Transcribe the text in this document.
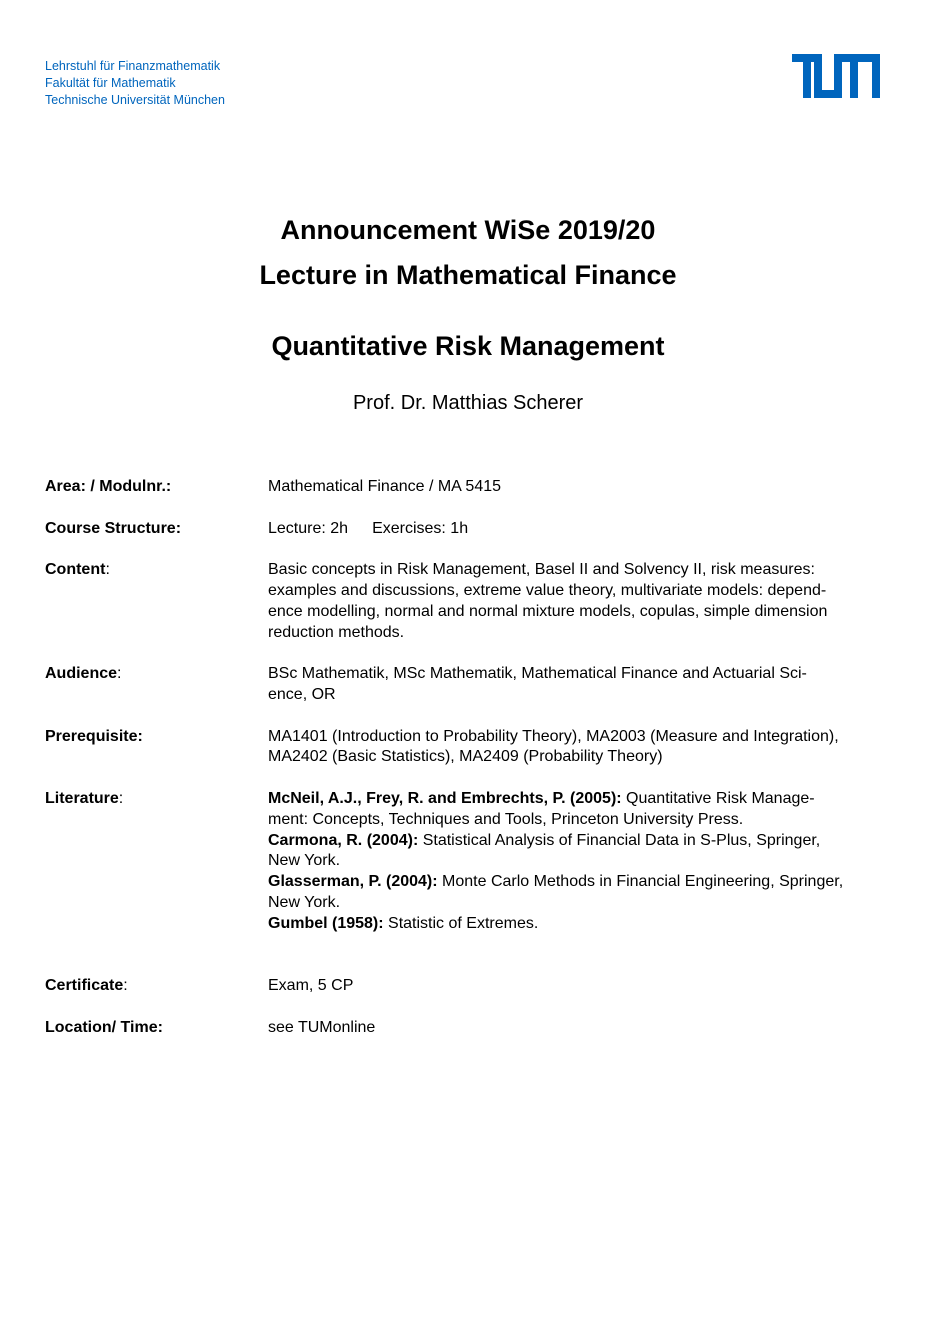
Lehrstuhl für Finanzmathematik
Fakultät für Mathematik
Technische Universität München
Announcement WiSe 2019/20
Lecture in Mathematical Finance
Quantitative Risk Management
Prof. Dr. Matthias Scherer
Area: / Modulnr.:	Mathematical Finance / MA 5415
Course Structure:	Lecture: 2h Exercises: 1h
Content:	Basic concepts in Risk Management, Basel II and Solvency II, risk measures:
examples and discussions, extreme value theory, multivariate models: depend-
ence modelling, normal and normal mixture models, copulas, simple dimension
reduction methods.
Audience:	BSc Mathematik, MSc Mathematik, Mathematical Finance and Actuarial Sci-
ence, OR
Prerequisite:	MA1401 (Introduction to Probability Theory), MA2003 (Measure and Integration),
MA2402 (Basic Statistics), MA2409 (Probability Theory)
Literature:	McNeil, A.J., Frey, R. and Embrechts, P. (2005): Quantitative Risk Manage-
ment: Concepts, Techniques and Tools, Princeton University Press.
Carmona, R. (2004): Statistical Analysis of Financial Data in S-Plus, Springer,
New York.
Glasserman, P. (2004): Monte Carlo Methods in Financial Engineering, Springer,
New York.
Gumbel (1958): Statistic of Extremes.
Certificate:	Exam, 5 CP
Location/ Time:	see TUMonline
